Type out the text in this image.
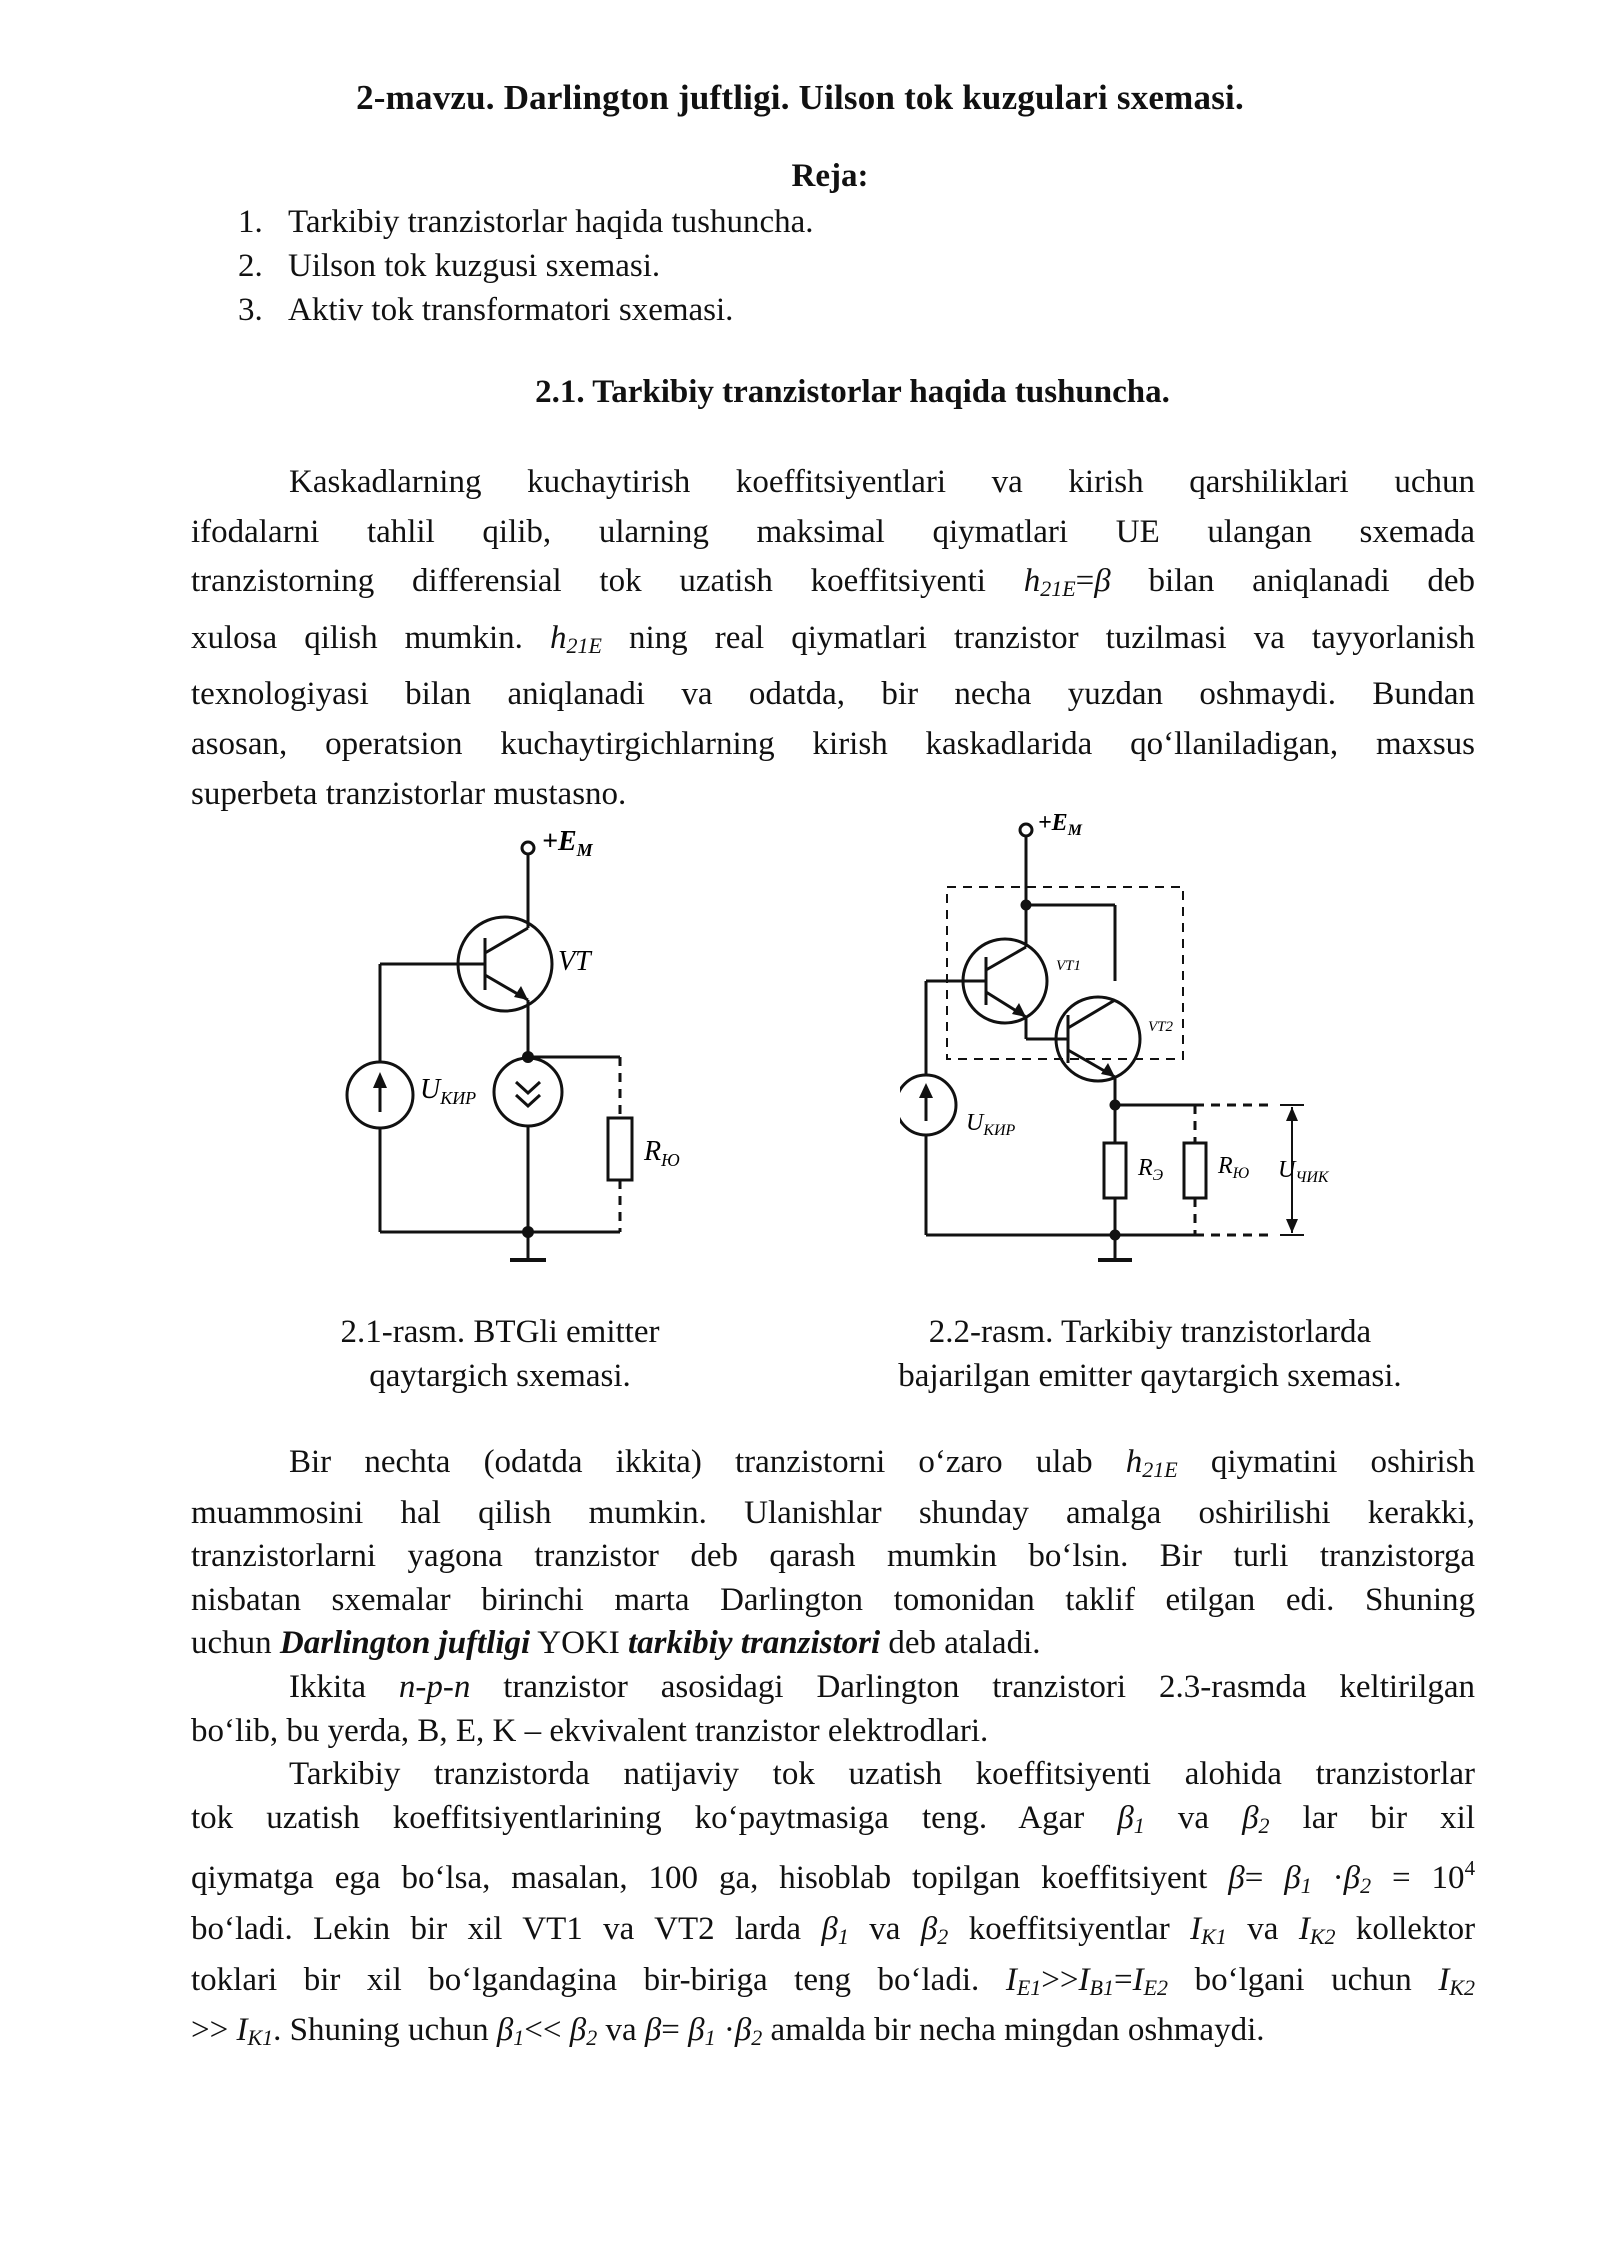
2-mavzu. Darlington juftligi. Uilson tok kuzgulari sxemasi.
Reja:
1. Tarkibiy tranzistorlar haqida tushuncha.
2. Uilson tok kuzgusi sxemasi.
3. Aktiv tok transformatori sxemasi.
2.1. Tarkibiy tranzistorlar haqida tushuncha.
Kaskadlarning kuchaytirish koeffitsiyentlari va kirish qarshiliklari uchun
ifodalarni tahlil qilib, ularning maksimal qiymatlari UE ulangan sxemada
tranzistorning differensial tok uzatish koeffitsiyenti $h_{21E}=\beta$ bilan aniqlanadi deb
xulosa qilish mumkin. $h_{21E}$ ning real qiymatlari tranzistor tuzilmasi va tayyorlanish
texnologiyasi bilan aniqlanadi va odatda, bir necha yuzdan oshmaydi. Bundan
asosan, operatsion kuchaytirgichlarning kirish kaskadlarida qo‘llaniladigan, maxsus
superbeta tranzistorlar mustasno.
$+E_M$
VT
$U_{КИР}$
$R_Ю$
$+E_M$
VT1
VT2
$U_{КИР}$
$R_Э$ $R_Ю$ $U_{ЧИК}$
2.1-rasm. BTGli emitter
qaytargich sxemasi.
2.2-rasm. Tarkibiy tranzistorlarda
bajarilgan emitter qaytargich sxemasi.
Bir nechta (odatda ikkita) tranzistorni o‘zaro ulab $h_{21E}$ qiymatini oshirish
muammosini hal qilish mumkin. Ulanishlar shunday amalga oshirilishi kerakki,
tranzistorlarni yagona tranzistor deb qarash mumkin bo‘lsin. Bir turli tranzistorga
nisbatan sxemalar birinchi marta Darlington tomonidan taklif etilgan edi. Shuning
uchun Darlington juftligi YOKI tarkibiy tranzistori deb ataladi.
Ikkita n-p-n tranzistor asosidagi Darlington tranzistori 2.3-rasmda keltirilgan
bo‘lib, bu yerda, B, E, K – ekvivalent tranzistor elektrodlari.
Tarkibiy tranzistorda natijaviy tok uzatish koeffitsiyenti alohida tranzistorlar
tok uzatish koeffitsiyentlarining ko‘paytmasiga teng. Agar $\beta_1$ va $\beta_2$ lar bir xil
qiymatga ega bo‘lsa, masalan, 100 ga, hisoblab topilgan koeffitsiyent $\beta= \beta_1 \cdot\beta_2 = 10^4$
bo‘ladi. Lekin bir xil VT1 va VT2 larda $\beta_1$ va $\beta_2$ koeffitsiyentlar $I_{K1}$ va $I_{K2}$ kollektor
toklari bir xil bo‘lgandagina bir-biriga teng bo‘ladi. $I_{E1}>>I_{B1}=I_{E2}$ bo‘lgani uchun $I_{K2}$
>> $I_{K1}$. Shuning uchun $\beta_1<< \beta_2$ va $\beta= \beta_1 \cdot\beta_2$ amalda bir necha mingdan oshmaydi.
